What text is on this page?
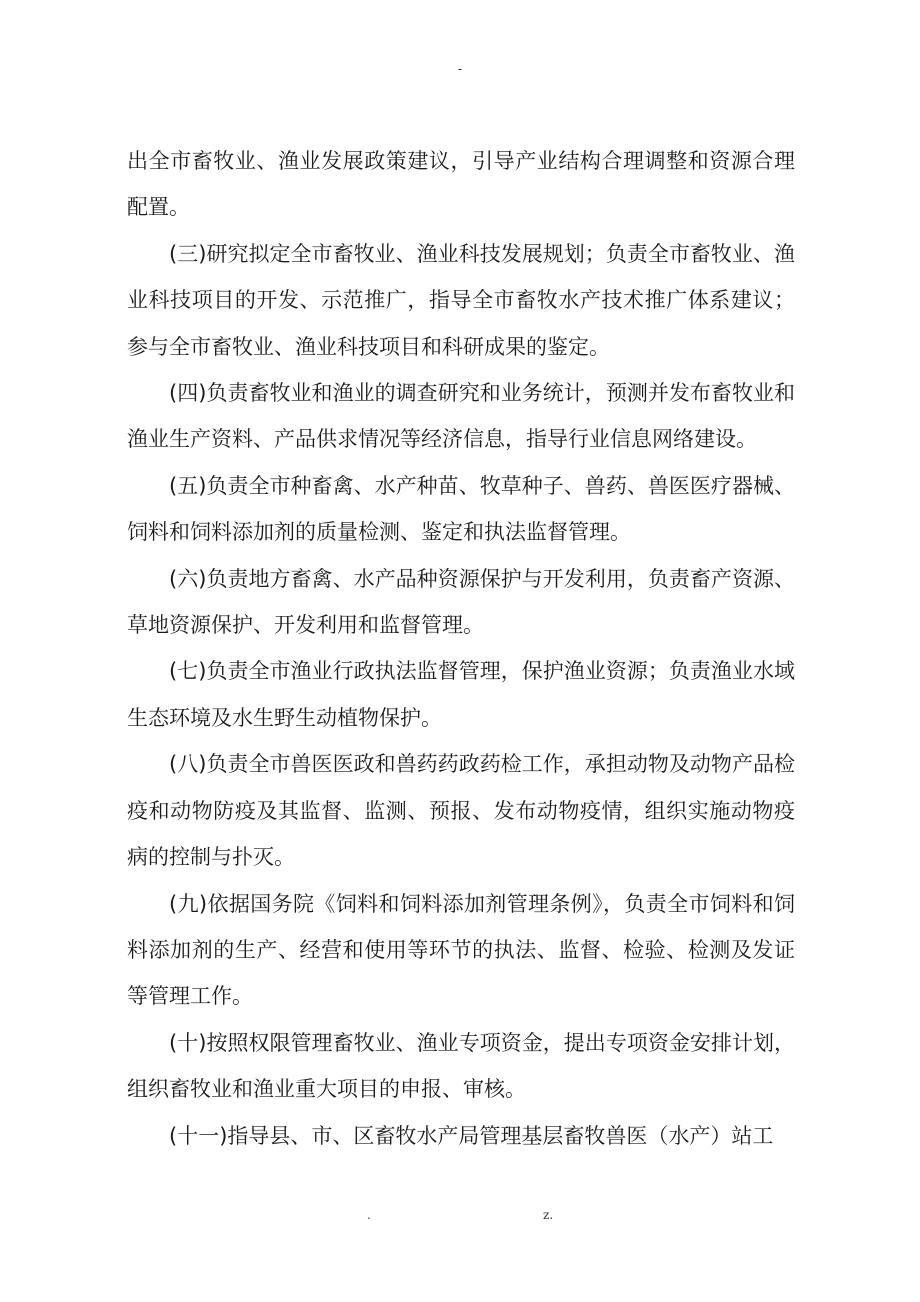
-

出全市畜牧业、渔业发展政策建议，引导产业结构合理调整和资源合理配置。

(三)研究拟定全市畜牧业、渔业科技发展规划；负责全市畜牧业、渔业科技项目的开发、示范推广，指导全市畜牧水产技术推广体系建议；参与全市畜牧业、渔业科技项目和科研成果的鉴定。

(四)负责畜牧业和渔业的调查研究和业务统计，预测并发布畜牧业和渔业生产资料、产品供求情况等经济信息，指导行业信息网络建设。

(五)负责全市种畜禽、水产种苗、牧草种子、兽药、兽医医疗器械、饲料和饲料添加剂的质量检测、鉴定和执法监督管理。

(六)负责地方畜禽、水产品种资源保护与开发利用，负责畜产资源、草地资源保护、开发利用和监督管理。

(七)负责全市渔业行政执法监督管理，保护渔业资源；负责渔业水域生态环境及水生野生动植物保护。

(八)负责全市兽医医政和兽药药政药检工作，承担动物及动物产品检疫和动物防疫及其监督、监测、预报、发布动物疫情，组织实施动物疫病的控制与扑灭。

(九)依据国务院《饲料和饲料添加剂管理条例》，负责全市饲料和饲料添加剂的生产、经营和使用等环节的执法、监督、检验、检测及发证等管理工作。

(十)按照权限管理畜牧业、渔业专项资金，提出专项资金安排计划，组织畜牧业和渔业重大项目的申报、审核。

(十一)指导县、市、区畜牧水产局管理基层畜牧兽医（水产）站工

.	z.
